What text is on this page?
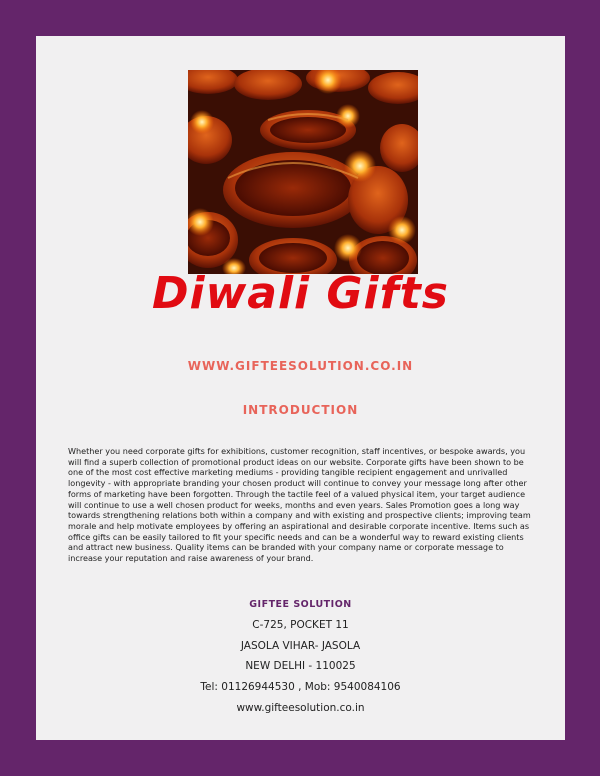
Diwali Gifts
WWW.GIFTEESOLUTION.CO.IN
INTRODUCTION
Whether you need corporate gifts for exhibitions, customer recognition, staff incentives, or bespoke awards, you will find a superb collection of promotional product ideas on our website. Corporate gifts have been shown to be one of the most cost effective marketing mediums - providing tangible recipient engagement and unrivalled longevity - with appropriate branding your chosen product will continue to convey your message long after other forms of marketing have been forgotten. Through the tactile feel of a valued physical item, your target audience will continue to use a well chosen product for weeks, months and even years. Sales Promotion goes a long way towards strengthening relations both within a company and with existing and prospective clients; improving team morale and help motivate employees by offering an aspirational and desirable corporate incentive. Items such as office gifts can be easily tailored to fit your specific needs and can be a wonderful way to reward existing clients and attract new business. Quality items can be branded with your company name or corporate message to increase your reputation and raise awareness of your brand.
GIFTEE SOLUTION
C-725, POCKET 11
JASOLA VIHAR- JASOLA
NEW DELHI - 110025
Tel: 01126944530 , Mob: 9540084106
www.gifteesolution.co.in
